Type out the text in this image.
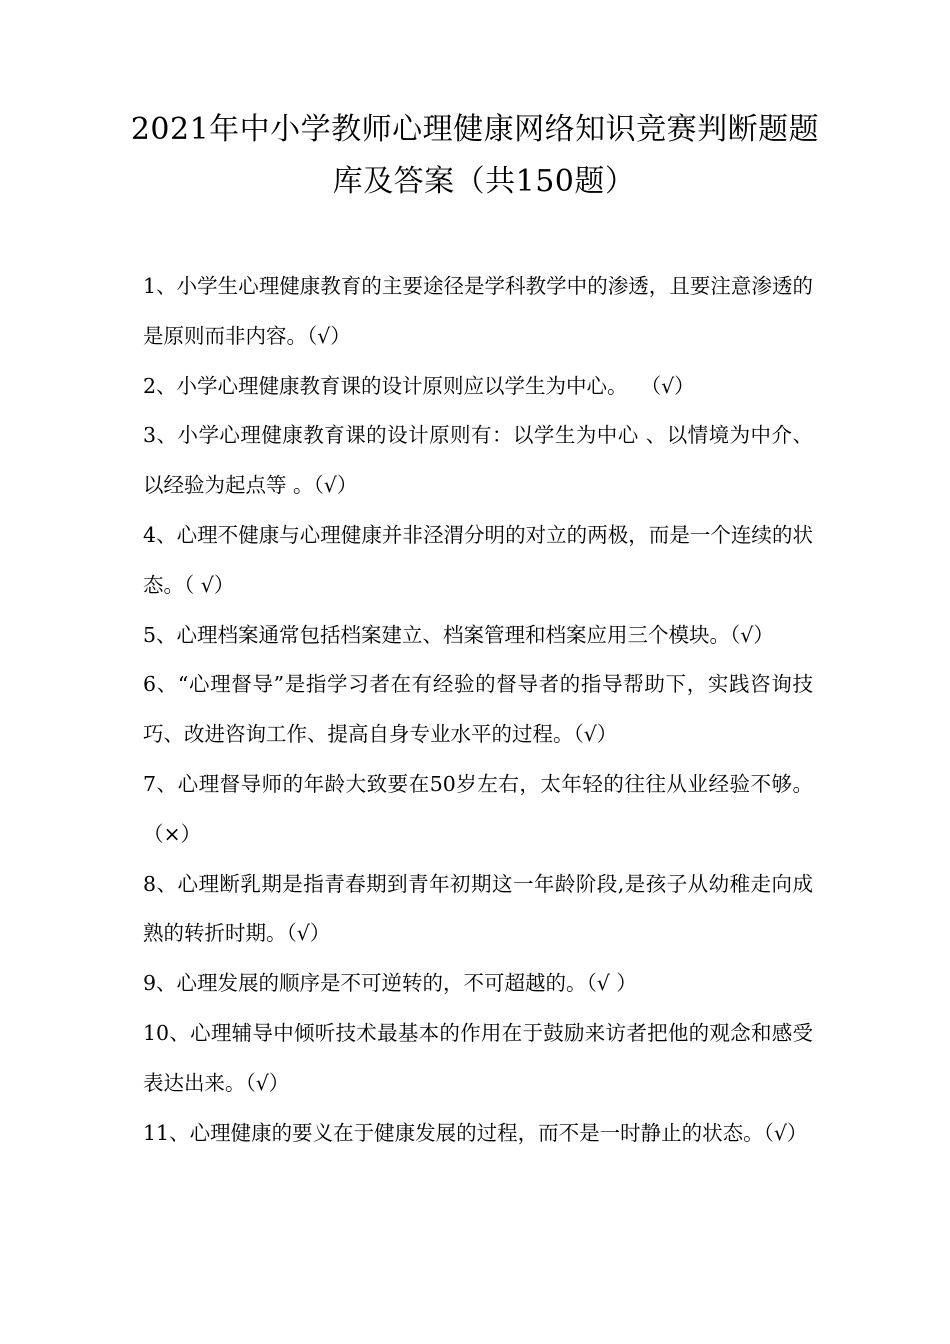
2021年中小学教师心理健康网络知识竞赛判断题题
库及答案（共150题）
1、小学生心理健康教育的主要途径是学科教学中的渗透，且要注意渗透的是原则而非内容。（√）
2、小学心理健康教育课的设计原则应以学生为中心。  （√）
3、小学心理健康教育课的设计原则有：以学生为中心 、以情境为中介、 以经验为起点等 。（√）
4、心理不健康与心理健康并非泾渭分明的对立的两极，而是一个连续的状态。（ √）
5、心理档案通常包括档案建立、档案管理和档案应用三个模块。（√）
6、“心理督导”是指学习者在有经验的督导者的指导帮助下，实践咨询技巧、改进咨询工作、提高自身专业水平的过程。（√）
7、心理督导师的年龄大致要在50岁左右，太年轻的往往从业经验不够。（×）
8、心理断乳期是指青春期到青年初期这一年龄阶段,是孩子从幼稚走向成熟的转折时期。（√）
9、心理发展的顺序是不可逆转的，不可超越的。（√ ）
10、心理辅导中倾听技术最基本的作用在于鼓励来访者把他的观念和感受表达出来。（√）
11、心理健康的要义在于健康发展的过程，而不是一时静止的状态。（√）
